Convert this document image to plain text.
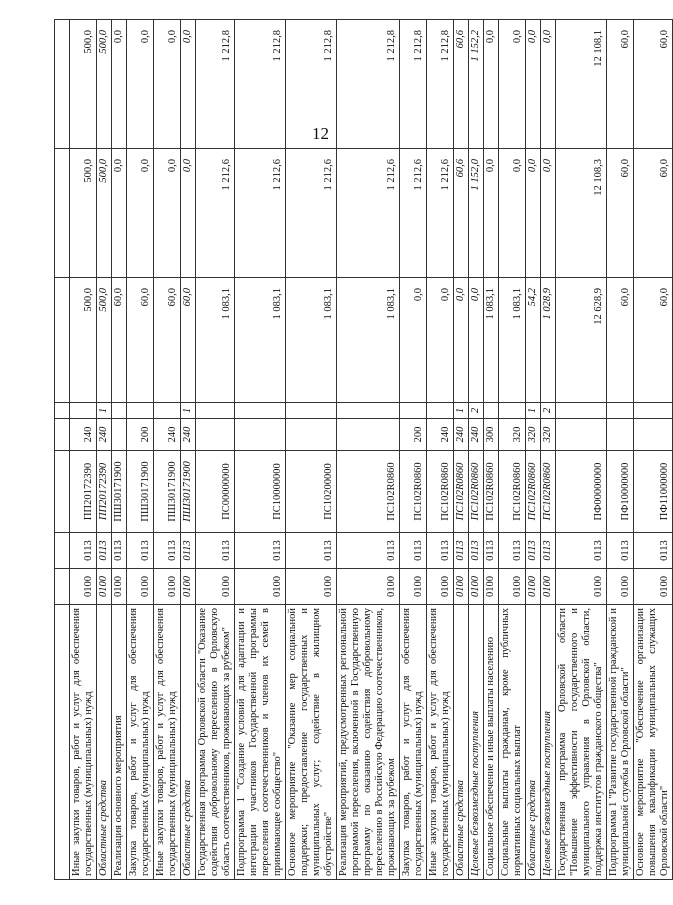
12

Иные закупки товаров, работ и услуг для обеспечения государственных (муниципальных) нужд	0100	0113	ПП20172390	240		500,0	500,0	500,0
Областные средства	0100	0113	ПП20172390	240	1	500,0	500,0	500,0
Реализация основного мероприятия	0100	0113	ПШ30171900			60,0	0,0	0,0
Закупка товаров, работ и услуг для обеспечения государственных (муниципальных) нужд	0100	0113	ПШ30171900	200		60,0	0,0	0,0
Иные закупки товаров, работ и услуг для обеспечения государственных (муниципальных) нужд	0100	0113	ПШ30171900	240		60,0	0,0	0,0
Областные средства	0100	0113	ПШ30171900	240	1	60,0	0,0	0,0
Государственная программа Орловской области "Оказание содействия добровольному переселению в Орловскую область соотечественников, проживающих за рубежом"	0100	0113	ПС00000000			1 083,1	1 212,6	1 212,8
Подпрограмма 1 "Создание условий для адаптации и интеграции участников Государственной программы переселения соотечественников и членов их семей в принимающее сообщество"	0100	0113	ПС10000000			1 083,1	1 212,6	1 212,8
Основное мероприятие "Оказание мер социальной поддержки; предоставление государственных и муниципальных услуг; содействие в жилищном обустройстве"	0100	0113	ПС10200000			1 083,1	1 212,6	1 212,8
Реализация мероприятий, предусмотренных региональной программой переселения, включенной в Государственную программу по оказанию содействия добровольному переселению в Российскую Федерацию соотечественников, проживающих за рубежом	0100	0113	ПС102R0860			1 083,1	1 212,6	1 212,8
Закупка товаров, работ и услуг для обеспечения государственных (муниципальных) нужд	0100	0113	ПС102R0860	200		0,0	1 212,6	1 212,8
Иные закупки товаров, работ и услуг для обеспечения государственных (муниципальных) нужд	0100	0113	ПС102R0860	240		0,0	1 212,6	1 212,8
Областные средства	0100	0113	ПС102R0860	240	1	0,0	60,6	60,6
Целевые безвозмездные поступления	0100	0113	ПС102R0860	240	2	0,0	1 152,0	1 152,2
Социальное обеспечение и иные выплаты населению	0100	0113	ПС102R0860	300		1 083,1	0,0	0,0
Социальные выплаты гражданам, кроме публичных нормативных социальных выплат	0100	0113	ПС102R0860	320		1 083,1	0,0	0,0
Областные средства	0100	0113	ПС102R0860	320	1	54,2	0,0	0,0
Целевые безвозмездные поступления	0100	0113	ПС102R0860	320	2	1 028,9	0,0	0,0
Государственная программа Орловской области "Повышение эффективности государственного и муниципального управления в Орловской области, поддержка институтов гражданского общества"	0100	0113	ПФ00000000			12 628,9	12 108,3	12 108,1
Подпрограмма 1 "Развитие государственной гражданской и муниципальной службы в Орловской области"	0100	0113	ПФ10000000			60,0	60,0	60,0
Основное мероприятие "Обеспечение организации повышения квалификации муниципальных служащих Орловской области"	0100	0113	ПФ11000000			60,0	60,0	60,0
